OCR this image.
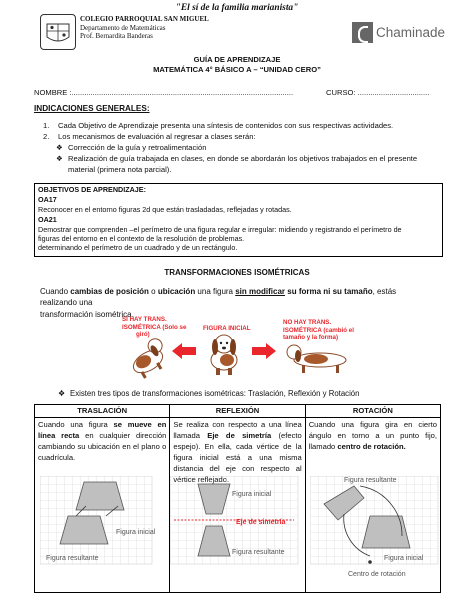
"El sí de la familia marianista"
COLEGIO PARROQUIAL SAN MIGUEL
Departamento de Matemáticas
Prof. Bernardita Banderas	Chaminade
GUÍA DE APRENDIZAJE
MATEMÁTICA 4° BÁSICO A – “UNIDAD CERO”
NOMBRE :.........................................................................................................	CURSO: ..................................
INDICACIONES GENERALES:
1. Cada Objetivo de Aprendizaje presenta una síntesis de contenidos con sus respectivas actividades.
2. Los mecanismos de evaluación al regresar a clases serán:
❖ Corrección de la guía y retroalimentación
❖ Realización de guía trabajada en clases, en donde se abordarán los objetivos trabajados en el presente
material (primera nota parcial).
OBJETIVOS DE APRENDIZAJE:
OA17
Reconocer en el entorno figuras 2d que están trasladadas, reflejadas y rotadas.
OA21
Demostrar que comprenden –el perímetro de una figura regular e irregular: midiendo y registrando el perímetro de
figuras del entorno en el contexto de la resolución de problemas.
determinando el perímetro de un cuadrado y de un rectángulo.
TRANSFORMACIONES ISOMÉTRICAS
Cuando cambias de posición o ubicación una figura sin modificar su forma ni su tamaño, estás realizando una
transformación isométrica.
SI HAY TRANS.
ISOMÉTRICA (Solo se
giró)
FIGURA INICIAL
NO HAY TRANS.
ISOMÉTRICA (cambió el
tamaño y la forma)
❖ Existen tres tipos de transformaciones isométricas: Traslación, Reflexión y Rotación
TRASLACIÓN	REFLEXIÓN	ROTACIÓN

Cuando una figura se mueve en línea recta en cualquier dirección cambiando su ubicación en el plano o cuadrícula.	Se realiza con respecto a una línea llamada Eje de simetría (efecto espejo). En ella, cada vértice de la figura inicial está a una misma distancia del eje con respecto al	Cuando una figura gira en cierto ángulo en torno a un punto fijo, llamado centro de rotación.
Figura inicial
Figura resultante
Figura inicial
Eje de simetría
Figura resultante
Figura resultante
Figura inicial
Centro de rotación
